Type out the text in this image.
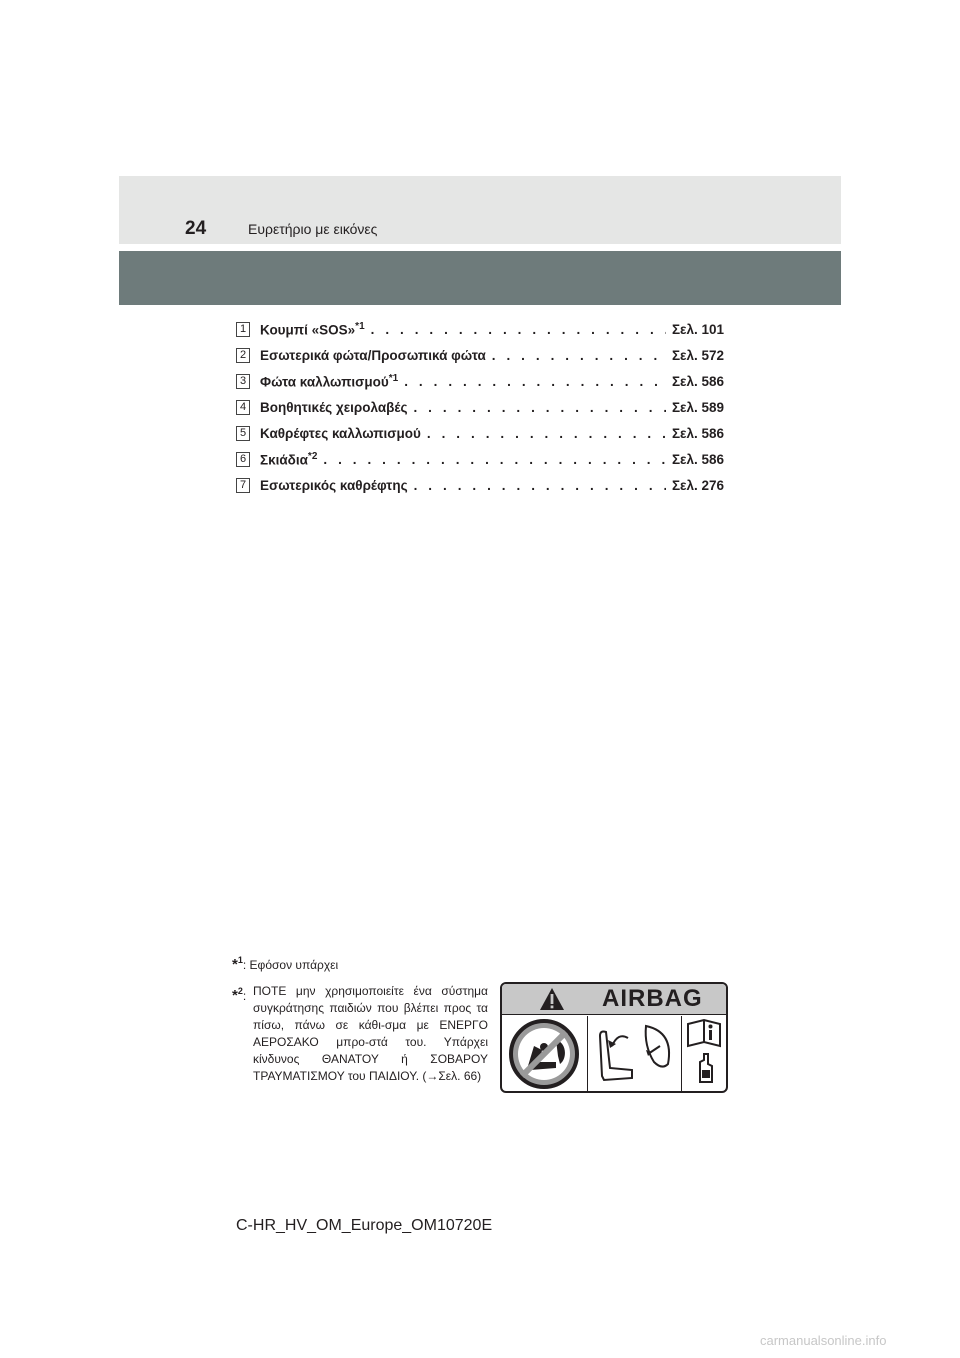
24	Ευρετήριο με εικόνες
1 Κουμπί «SOS»$^{*1}$ . . .	Σελ. 101
2 Εσωτερικά φώτα/Προσωπικά φώτα . . .	Σελ. 572
3 Φώτα καλλωπισμού$^{*1}$ . . .	Σελ. 586
4 Βοηθητικές χειρολαβές . . .	Σελ. 589
5 Καθρέφτες καλλωπισμού . . .	Σελ. 586
6 Σκιάδια$^{*2}$ . . .	Σελ. 586
7 Εσωτερικός καθρέφτης . . .	Σελ. 276
*$^1$: Εφόσον υπάρχει
*$^2$: ΠΟΤΕ μην χρησιμοποιείτε ένα σύστημα συγκράτησης παιδιών που βλέπει προς τα πίσω, πάνω σε κάθι-σμα με ΕΝΕΡΓΟ ΑΕΡΟΣΑΚΟ μπρο-στά του. Υπάρχει κίνδυνος ΘΑΝΑΤΟΥ ή ΣΟΒΑΡΟΥ ΤΡΑΥΜΑΤΙΣΜΟΥ του ΠΑΙΔΙΟΥ. (→Σελ. 66)
AIRBAG
C-HR_HV_OM_Europe_OM10720E
carmanualsonline.info
